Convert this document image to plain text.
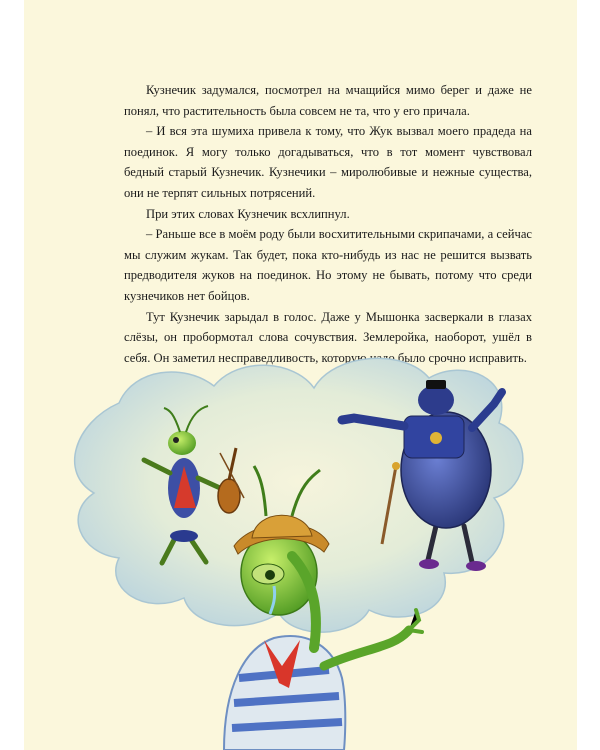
Кузнечик задумался, посмотрел на мчащийся мимо берег и даже не понял, что растительность была совсем не та, что у его причала.

– И вся эта шумиха привела к тому, что Жук вызвал моего прадеда на поединок. Я могу только догадываться, что в тот момент чувствовал бедный старый Кузнечик. Кузнечики – миролюбивые и нежные существа, они не терпят сильных потрясений.

При этих словах Кузнечик всхлипнул.

– Раньше все в моём роду были восхитительными скрипачами, а сейчас мы служим жукам. Так будет, пока кто-нибудь из нас не решится вызвать предводителя жуков на поединок. Но этому не бывать, потому что среди кузнечиков нет бойцов.

Тут Кузнечик зарыдал в голос. Даже у Мышонка засверкали в глазах слёзы, он пробормотал слова сочувствия. Землеройка, наоборот, ушёл в себя. Он заметил несправедливость, которую надо было срочно исправить.
